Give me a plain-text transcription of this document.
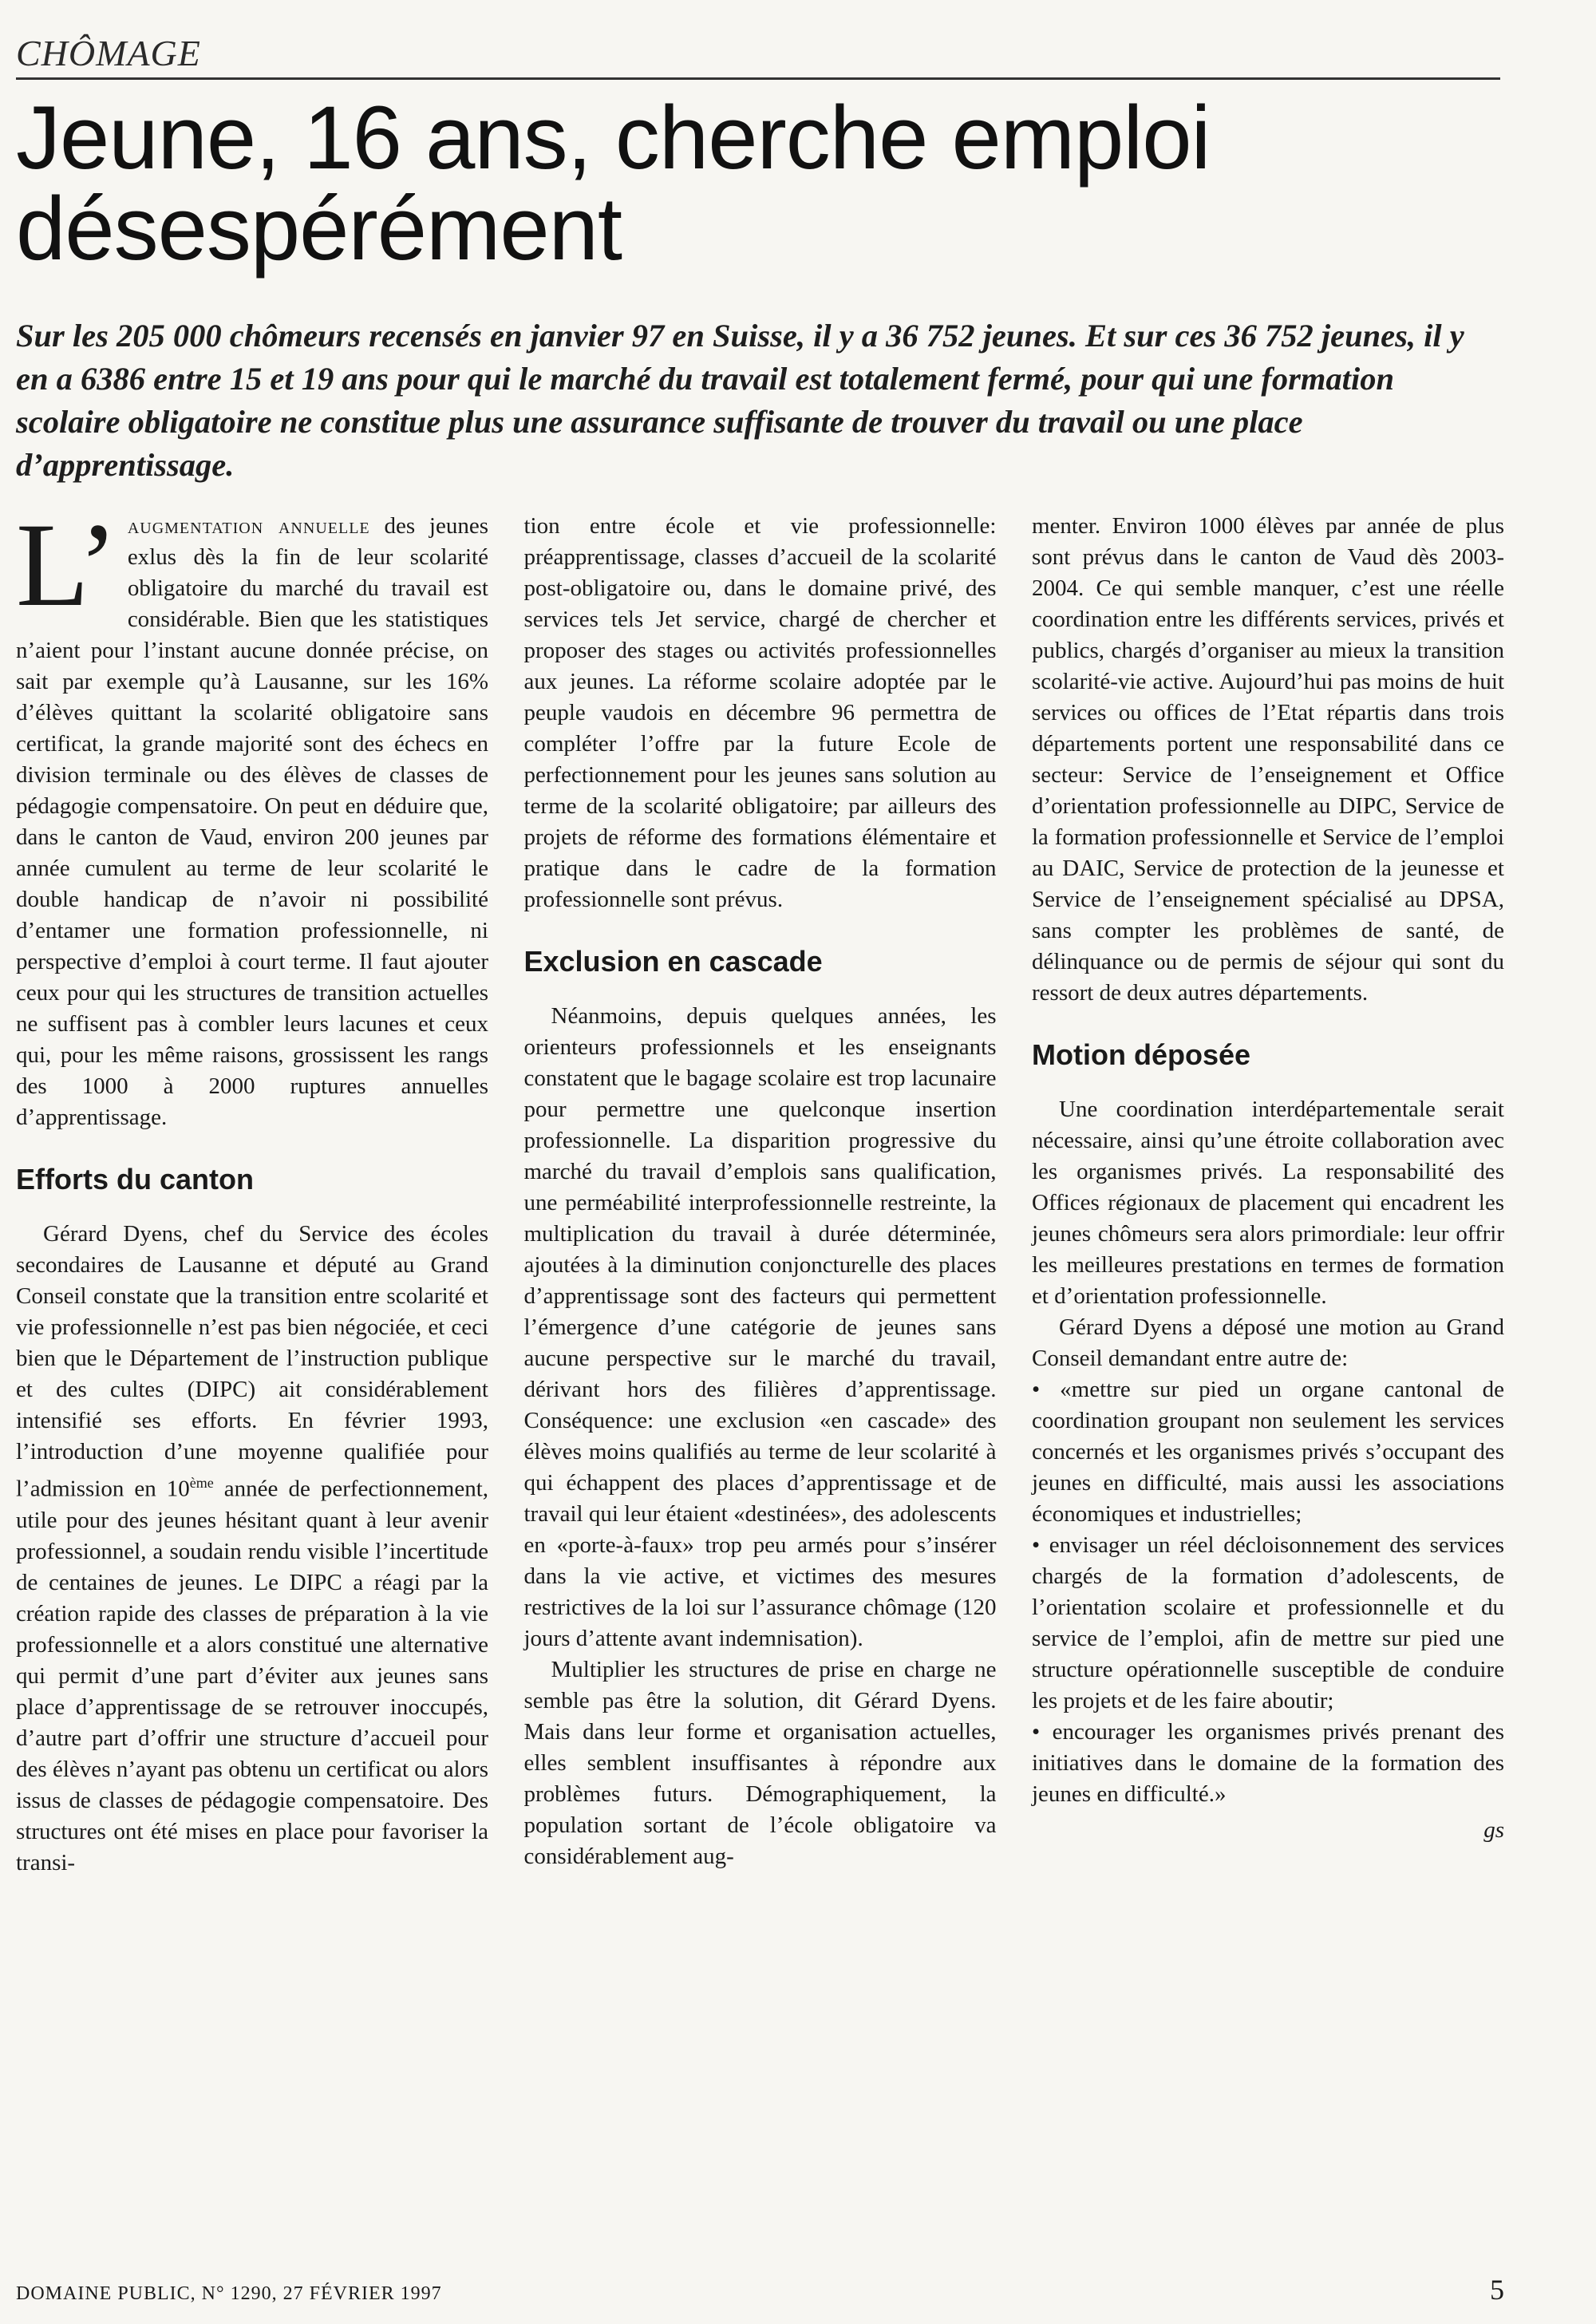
CHÔMAGE
Jeune, 16 ans, cherche emploi
désespérément
Sur les 205 000 chômeurs recensés en janvier 97 en Suisse, il y a 36 752 jeunes. Et sur ces 36 752 jeunes, il y en a 6386 entre 15 et 19 ans pour qui le marché du travail est totalement fermé, pour qui une formation scolaire obligatoire ne constitue plus une assurance suffisante de trouver du travail ou une place d’apprentissage.

L’ augmentation annuelle des jeunes exlus dès la fin de leur scolarité obligatoire du marché du travail est considérable. Bien que les statistiques n’aient pour l’instant aucune donnée précise, on sait par exemple qu’à Lausanne, sur les 16% d’élèves quittant la scolarité obligatoire sans certificat, la grande majorité sont des échecs en division terminale ou des élèves de classes de pédagogie compensatoire. On peut en déduire que, dans le canton de Vaud, environ 200 jeunes par année cumulent au terme de leur scolarité le double handicap de n’avoir ni possibilité d’entamer une formation professionnelle, ni perspective d’emploi à court terme. Il faut ajouter ceux pour qui les structures de transition actuelles ne suffisent pas à combler leurs lacunes et ceux qui, pour les même raisons, grossissent les rangs des 1000 à 2000 ruptures annuelles d’apprentissage.

Efforts du canton

Gérard Dyens, chef du Service des écoles secondaires de Lausanne et député au Grand Conseil constate que la transition entre scolarité et vie professionnelle n’est pas bien négociée, et ceci bien que le Département de l’instruction publique et des cultes (DIPC) ait considérablement intensifié ses efforts. En février 1993, l’introduction d’une moyenne qualifiée pour l’admission en 10ème année de perfectionnement, utile pour des jeunes hésitant quant à leur avenir professionnel, a soudain rendu visible l’incertitude de centaines de jeunes. Le DIPC a réagi par la création rapide des classes de préparation à la vie professionnelle et a alors constitué une alternative qui permit d’une part d’éviter aux jeunes sans place d’apprentissage de se retrouver inoccupés, d’autre part d’offrir une structure d’accueil pour des élèves n’ayant pas obtenu un certificat ou alors issus de classes de pédagogie compensatoire. Des structures ont été mises en place pour favoriser la transi-

tion entre école et vie professionnelle: préapprentissage, classes d’accueil de la scolarité post-obligatoire ou, dans le domaine privé, des services tels Jet service, chargé de chercher et proposer des stages ou activités professionnelles aux jeunes. La réforme scolaire adoptée par le peuple vaudois en décembre 96 permettra de compléter l’offre par la future Ecole de perfectionnement pour les jeunes sans solution au terme de la scolarité obligatoire; par ailleurs des projets de réforme des formations élémentaire et pratique dans le cadre de la formation professionnelle sont prévus.

Exclusion en cascade

Néanmoins, depuis quelques années, les orienteurs professionnels et les enseignants constatent que le bagage scolaire est trop lacunaire pour permettre une quelconque insertion professionnelle. La disparition progressive du marché du travail d’emplois sans qualification, une perméabilité interprofessionnelle restreinte, la multiplication du travail à durée déterminée, ajoutées à la diminution conjoncturelle des places d’apprentissage sont des facteurs qui permettent l’émergence d’une catégorie de jeunes sans aucune perspective sur le marché du travail, dérivant hors des filières d’apprentissage. Conséquence: une exclusion «en cascade» des élèves moins qualifiés au terme de leur scolarité à qui échappent des places d’apprentissage et de travail qui leur étaient «destinées», des adolescents en «porte-à-faux» trop peu armés pour s’insérer dans la vie active, et victimes des mesures restrictives de la loi sur l’assurance chômage (120 jours d’attente avant indemnisation).

Multiplier les structures de prise en charge ne semble pas être la solution, dit Gérard Dyens. Mais dans leur forme et organisation actuelles, elles semblent insuffisantes à répondre aux problèmes futurs. Démographiquement, la population sortant de l’école obligatoire va considérablement aug-

menter. Environ 1000 élèves par année de plus sont prévus dans le canton de Vaud dès 2003-2004. Ce qui semble manquer, c’est une réelle coordination entre les différents services, privés et publics, chargés d’organiser au mieux la transition scolarité-vie active. Aujourd’hui pas moins de huit services ou offices de l’Etat répartis dans trois départements portent une responsabilité dans ce secteur: Service de l’enseignement et Office d’orientation professionnelle au DIPC, Service de la formation professionnelle et Service de l’emploi au DAIC, Service de protection de la jeunesse et Service de l’enseignement spécialisé au DPSA, sans compter les problèmes de santé, de délinquance ou de permis de séjour qui sont du ressort de deux autres départements.

Motion déposée

Une coordination interdépartementale serait nécessaire, ainsi qu’une étroite collaboration avec les organismes privés. La responsabilité des Offices régionaux de placement qui encadrent les jeunes chômeurs sera alors primordiale: leur offrir les meilleures prestations en termes de formation et d’orientation professionnelle.

Gérard Dyens a déposé une motion au Grand Conseil demandant entre autre de:

• «mettre sur pied un organe cantonal de coordination groupant non seulement les services concernés et les organismes privés s’occupant des jeunes en difficulté, mais aussi les associations économiques et industrielles;

• envisager un réel décloisonnement des services chargés de la formation d’adolescents, de l’orientation scolaire et professionnelle et du service de l’emploi, afin de mettre sur pied une structure opérationnelle susceptible de conduire les projets et de les faire aboutir;

• encourager les organismes privés prenant des initiatives dans le domaine de la formation des jeunes en difficulté.»

gs
DOMAINE PUBLIC, N° 1290, 27 FÉVRIER 1997	5
